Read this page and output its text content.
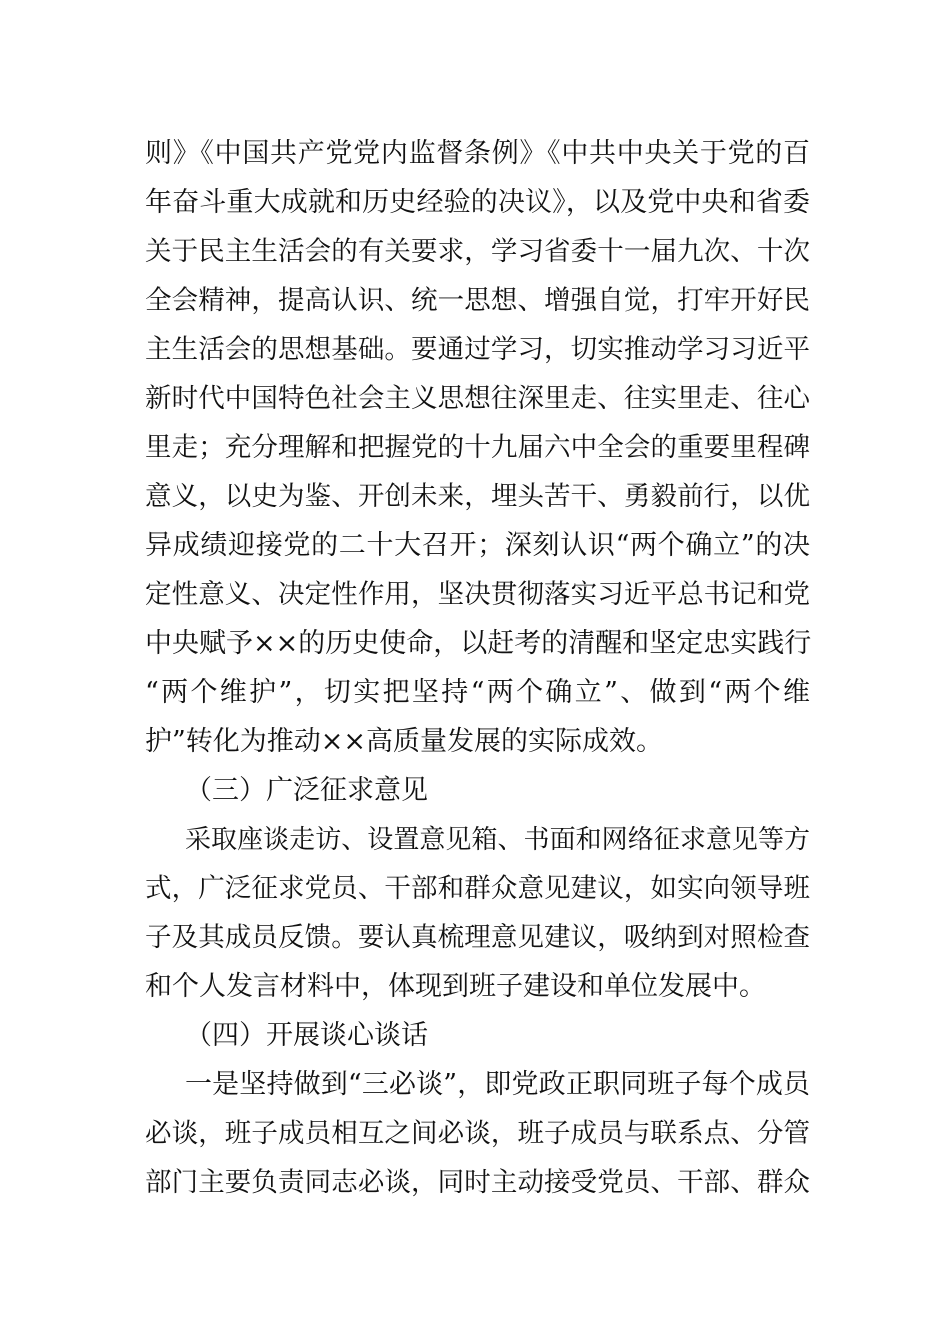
则》《中国共产党党内监督条例》《中共中央关于党的百

年奋斗重大成就和历史经验的决议》，以及党中央和省委

关于民主生活会的有关要求，学习省委十一届九次、十次

全会精神，提高认识、统一思想、增强自觉，打牢开好民

主生活会的思想基础。要通过学习，切实推动学习习近平

新时代中国特色社会主义思想往深里走、往实里走、往心

里走；充分理解和把握党的十九届六中全会的重要里程碑

意义，以史为鉴、开创未来，埋头苦干、勇毅前行，以优

异成绩迎接党的二十大召开；深刻认识“两个确立”的决

定性意义、决定性作用，坚决贯彻落实习近平总书记和党

中央赋予××的历史使命，以赶考的清醒和坚定忠实践行

“两个维护”，切实把坚持“两个确立”、做到“两个维

护”转化为推动××高质量发展的实际成效。

（三）广泛征求意见

采取座谈走访、设置意见箱、书面和网络征求意见等方

式，广泛征求党员、干部和群众意见建议，如实向领导班

子及其成员反馈。要认真梳理意见建议，吸纳到对照检查

和个人发言材料中，体现到班子建设和单位发展中。

（四）开展谈心谈话

一是坚持做到“三必谈”，即党政正职同班子每个成员

必谈，班子成员相互之间必谈，班子成员与联系点、分管

部门主要负责同志必谈，同时主动接受党员、干部、群众
